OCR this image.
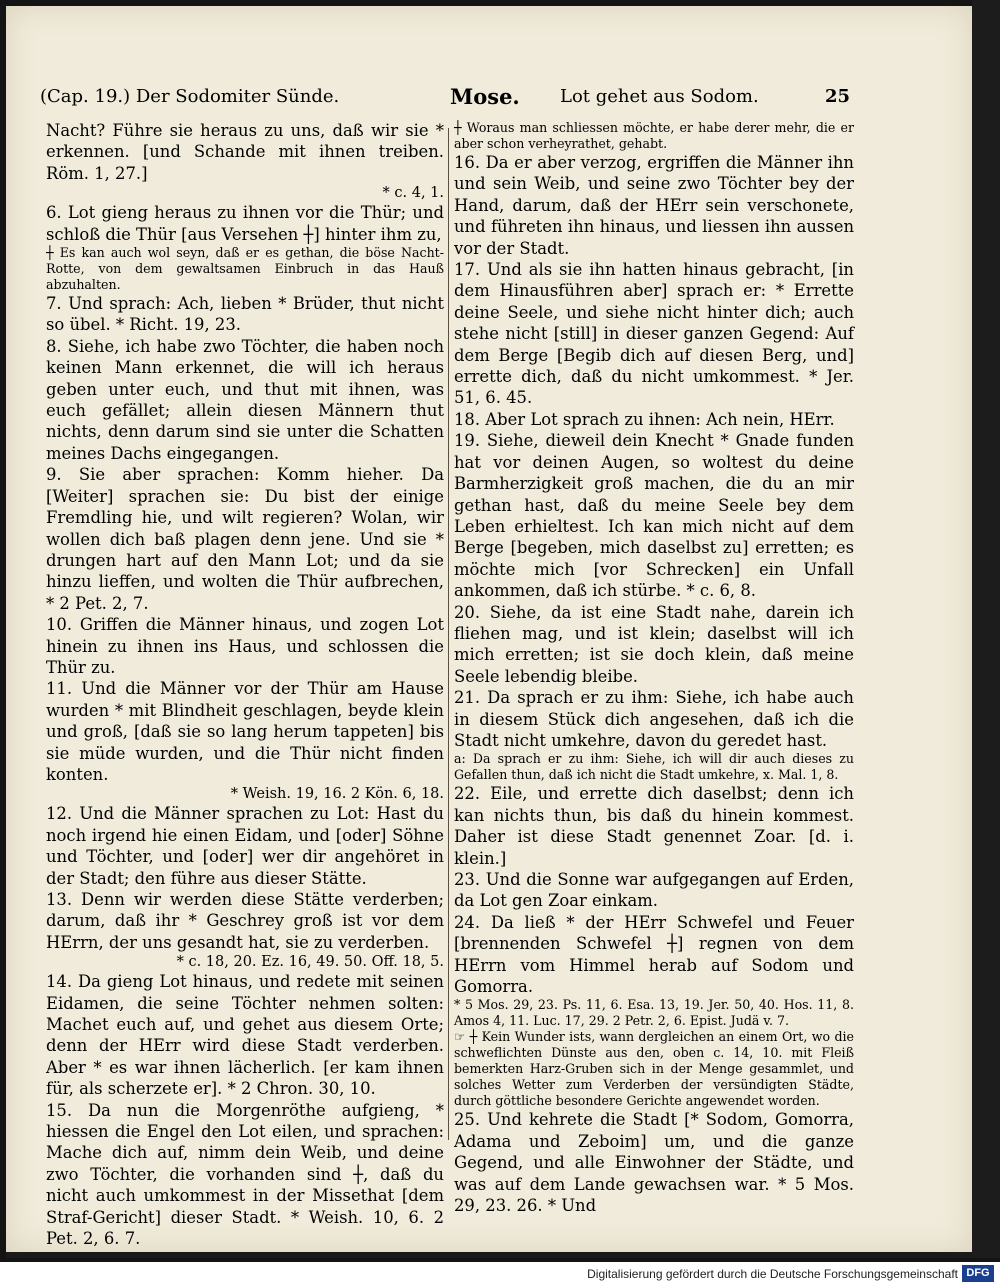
(Cap. 19.) Der Sodomiter Sünde.	Mose. Lot gehet aus Sodom.	25

Nacht? Führe sie heraus zu uns, daß wir sie * erkennen. [und Schande mit ihnen treiben. Röm. 1, 27.]

* c. 4, 1.

6. Lot gieng heraus zu ihnen vor die Thür; und schloß die Thür [aus Versehen ┼] hinter ihm zu,

┼ Es kan auch wol seyn, daß er es gethan, die böse Nacht-Rotte, von dem gewaltsamen Einbruch in das Hauß abzuhalten.

7. Und sprach: Ach, lieben * Brüder, thut nicht so übel. * Richt. 19, 23.

8. Siehe, ich habe zwo Töchter, die haben noch keinen Mann erkennet, die will ich heraus geben unter euch, und thut mit ihnen, was euch gefället; allein diesen Männern thut nichts, denn darum sind sie unter die Schatten meines Dachs eingegangen.

9. Sie aber sprachen: Komm hieher. Da [Weiter] sprachen sie: Du bist der einige Fremdling hie, und wilt regieren? Wolan, wir wollen dich baß plagen denn jene. Und sie * drungen hart auf den Mann Lot; und da sie hinzu lieffen, und wolten die Thür aufbrechen, * 2 Pet. 2, 7.

10. Griffen die Männer hinaus, und zogen Lot hinein zu ihnen ins Haus, und schlossen die Thür zu.

11. Und die Männer vor der Thür am Hause wurden * mit Blindheit geschlagen, beyde klein und groß, [daß sie so lang herum tappeten] bis sie müde wurden, und die Thür nicht finden konten.

* Weish. 19, 16. 2 Kön. 6, 18.

12. Und die Männer sprachen zu Lot: Hast du noch irgend hie einen Eidam, und [oder] Söhne und Töchter, und [oder] wer dir angehöret in der Stadt; den führe aus dieser Stätte.

13. Denn wir werden diese Stätte verderben; darum, daß ihr * Geschrey groß ist vor dem HErrn, der uns gesandt hat, sie zu verderben.

* c. 18, 20. Ez. 16, 49. 50. Off. 18, 5.

14. Da gieng Lot hinaus, und redete mit seinen Eidamen, die seine Töchter nehmen solten: Machet euch auf, und gehet aus diesem Orte; denn der HErr wird diese Stadt verderben. Aber * es war ihnen lächerlich. [er kam ihnen für, als scherzete er]. * 2 Chron. 30, 10.

15. Da nun die Morgenröthe aufgieng, * hiessen die Engel den Lot eilen, und sprachen: Mache dich auf, nimm dein Weib, und deine zwo Töchter, die vorhanden sind ┼, daß du nicht auch umkommest in der Missethat [dem Straf-Gericht] dieser Stadt. * Weish. 10, 6. 2 Pet. 2, 6. 7.

┼ Woraus man schliessen möchte, er habe derer mehr, die er aber schon verheyrathet, gehabt.

16. Da er aber verzog, ergriffen die Männer ihn und sein Weib, und seine zwo Töchter bey der Hand, darum, daß der HErr sein verschonete, und führeten ihn hinaus, und liessen ihn aussen vor der Stadt.

17. Und als sie ihn hatten hinaus gebracht, [in dem Hinausführen aber] sprach er: * Errette deine Seele, und siehe nicht hinter dich; auch stehe nicht [still] in dieser ganzen Gegend: Auf dem Berge [Begib dich auf diesen Berg, und] errette dich, daß du nicht umkommest. * Jer. 51, 6. 45.

18. Aber Lot sprach zu ihnen: Ach nein, HErr.

19. Siehe, dieweil dein Knecht * Gnade funden hat vor deinen Augen, so woltest du deine Barmherzigkeit groß machen, die du an mir gethan hast, daß du meine Seele bey dem Leben erhieltest. Ich kan mich nicht auf dem Berge [begeben, mich daselbst zu] erretten; es möchte mich [vor Schrecken] ein Unfall ankommen, daß ich stürbe. * c. 6, 8.

20. Siehe, da ist eine Stadt nahe, darein ich fliehen mag, und ist klein; daselbst will ich mich erretten; ist sie doch klein, daß meine Seele lebendig bleibe.

21. Da sprach er zu ihm: Siehe, ich habe auch in diesem Stück dich angesehen, daß ich die Stadt nicht umkehre, davon du geredet hast.

a: Da sprach er zu ihm: Siehe, ich will dir auch dieses zu Gefallen thun, daß ich nicht die Stadt umkehre, x. Mal. 1, 8.

22. Eile, und errette dich daselbst; denn ich kan nichts thun, bis daß du hinein kommest. Daher ist diese Stadt genennet Zoar. [d. i. klein.]

23. Und die Sonne war aufgegangen auf Erden, da Lot gen Zoar einkam.

24. Da ließ * der HErr Schwefel und Feuer [brennenden Schwefel ┼] regnen von dem HErrn vom Himmel herab auf Sodom und Gomorra.

* 5 Mos. 29, 23. Ps. 11, 6. Esa. 13, 19. Jer. 50, 40. Hos. 11, 8. Amos 4, 11. Luc. 17, 29. 2 Petr. 2, 6. Epist. Judä v. 7.

☞ ┼ Kein Wunder ists, wann dergleichen an einem Ort, wo die schweflichten Dünste aus den, oben c. 14, 10. mit Fleiß bemerkten Harz-Gruben sich in der Menge gesammlet, und solches Wetter zum Verderben der versündigten Städte, durch göttliche besondere Gerichte angewendet worden.

25. Und kehrete die Stadt [* Sodom, Gomorra, Adama und Zeboim] um, und die ganze Gegend, und alle Einwohner der Städte, und was auf dem Lande gewachsen war. * 5 Mos. 29, 23. 26. * Und

Digitalisierung gefördert durch die Deutsche Forschungsgemeinschaft DFG
